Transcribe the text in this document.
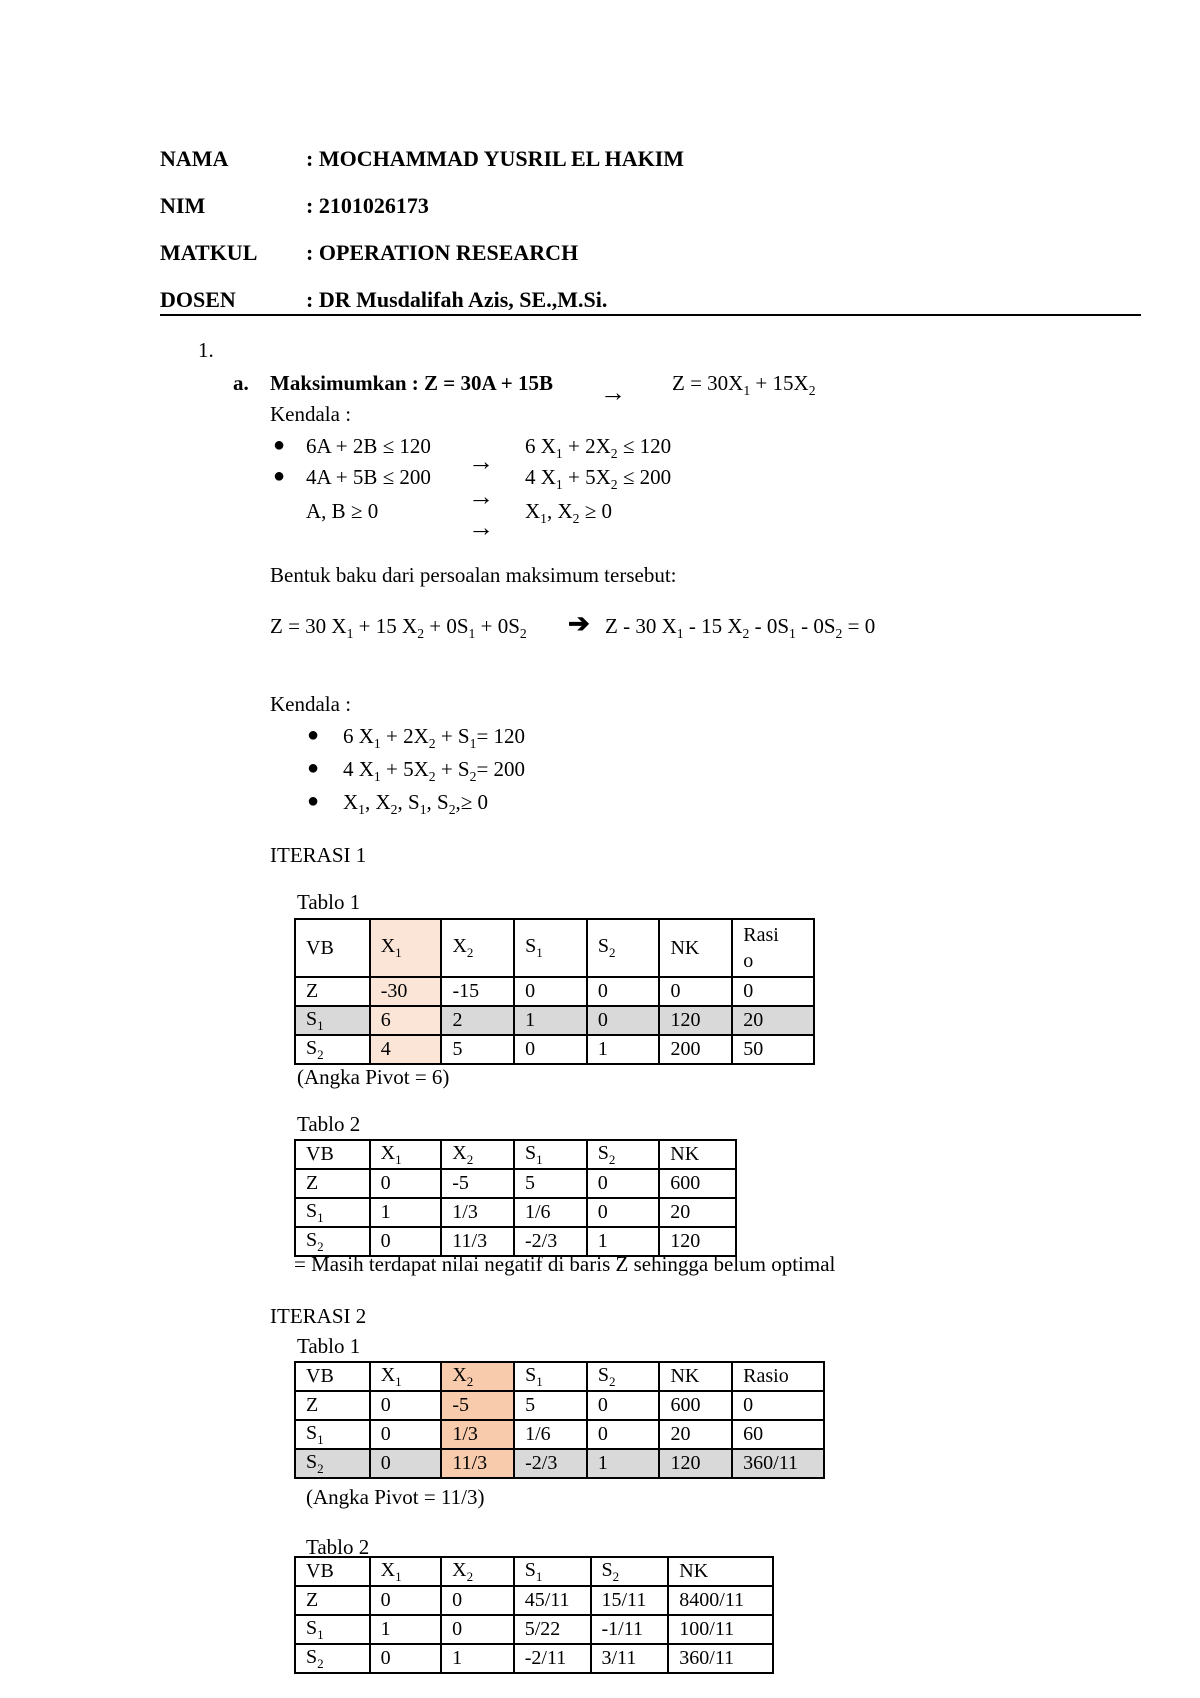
NAMA	: MOCHAMMAD YUSRIL EL HAKIM
NIM	: 2101026173
MATKUL : OPERATION RESEARCH
DOSEN	: DR Musdalifah Azis, SE.,M.Si.
1.
a. Maksimumkan : $Z = 30A + 15B \to Z = 30X_1 + 15X_2$
Kendala :
● 6A + 2B ≤ 120
● 4A + 5B ≤ 200
A, B ≥ 0
→
→
→
6 $X_1 + 2X_2 \le 120$
4 $X_1 + 5X_2 \le 200$
$X_1$, $X_2 \ge 0$
Bentuk baku dari persoalan maksimum tersebut:
Z = 30 $X_1 + 15$ $X_2 + 0S_1 + 0S_2$ ➔ Z - 30 $X_1 - 15$ $X_2 - 0S_1 - 0S_2 = 0$
Kendala :
● 6 $X_1 + 2X_2 + S_1= 120$
● 4 $X_1 + 5X_2 + S_2= 200$
● $X_1$, $X_2$, $S_1$, $S_2,\ge 0$
ITERASI 1
Tablo 1
VB	$X_1$	$X_2$	$S_1$	$S_2$	NK	Rasi
o
Z	-30	-15	0	0	0	0
$S_1$	6	2	1	0	120	20
$S_2$	4	5	0	1	200	50
(Angka Pivot = 6)
Tablo 2
VB	$X_1$	$X_2$	$S_1$	$S_2$	NK
Z	0	-5	5	0	600
$S_1$	1	1/3	1/6	0	20
$S_2$	0	11/3	-2/3	1	120
= Masih terdapat nilai negatif di baris Z sehingga belum optimal
ITERASI 2
Tablo 1
VB	$X_1$	$X_2$	$S_1$	$S_2$	NK	Rasio
Z	0	-5	5	0	600	0
$S_1$	0	1/3	1/6	0	20	60
$S_2$	0	11/3	-2/3	1	120	360/11
(Angka Pivot = 11/3)
Tablo 2
VB	$X_1$	$X_2$	$S_1$	$S_2$	NK
Z	0	0	45/11	15/11	8400/11
$S_1$	1	0	5/22	-1/11	100/11
$S_2$	0	1	-2/11	3/11	360/11
